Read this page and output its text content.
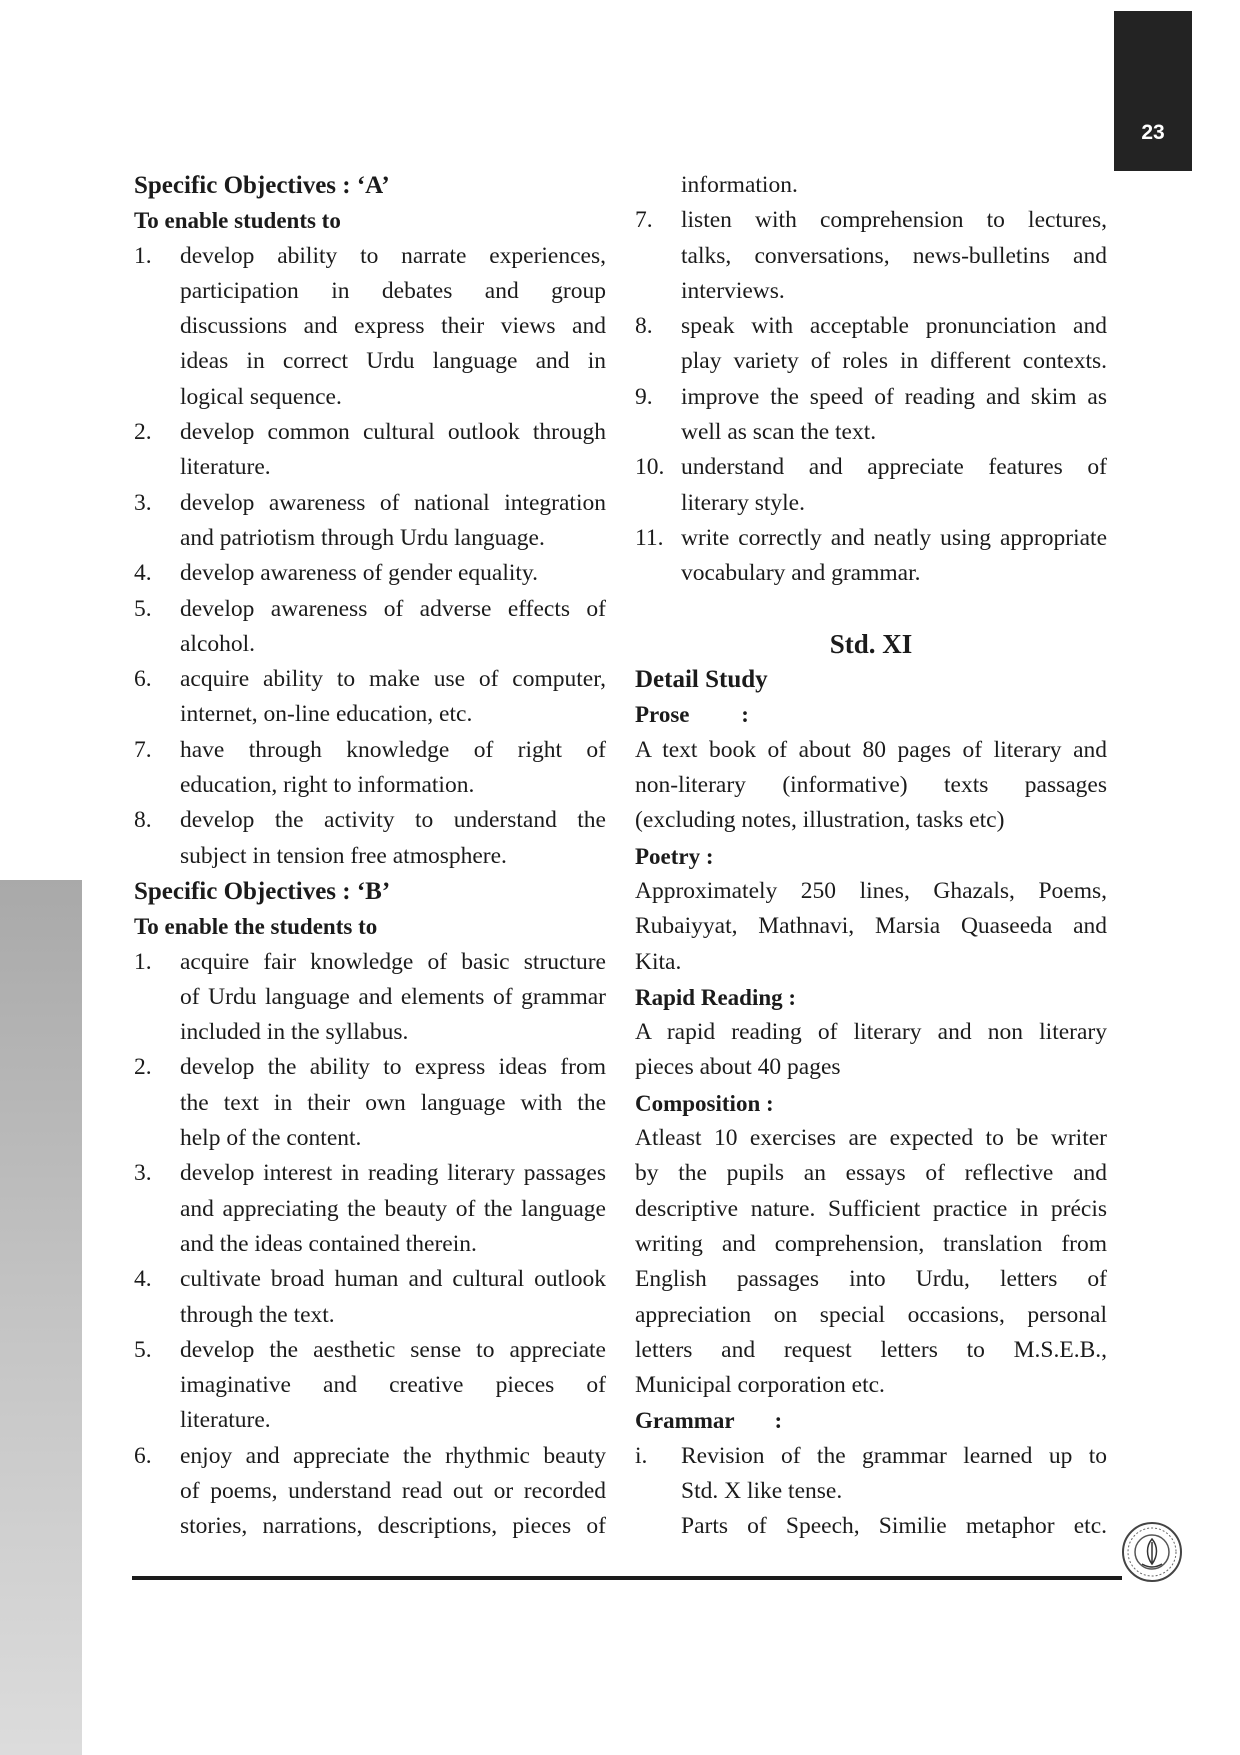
23
Specific Objectives : ‘A’
To enable students to
1.	develop ability to narrate experiences,
participation in debates and group
discussions and express their views and
ideas in correct Urdu language and in
logical sequence.
2.	develop common cultural outlook through
literature.
3.	develop awareness of national integration
and patriotism through Urdu language.
4.	develop awareness of gender equality.
5.	develop awareness of adverse effects of
alcohol.
6.	acquire ability to make use of computer,
internet, on-line education, etc.
7.	have through knowledge of right of
education, right to information.
8.	develop the activity to understand the
subject in tension free atmosphere.
Specific Objectives : ‘B’
To enable the students to
1.	acquire fair knowledge of basic structure
of Urdu language and elements of grammar
included in the syllabus.
2.	develop the ability to express ideas from
the text in their own language with the
help of the content.
3.	develop interest in reading literary passages
and appreciating the beauty of the language
and the ideas contained therein.
4.	cultivate broad human and cultural outlook
through the text.
5.	develop the aesthetic sense to appreciate
imaginative and creative pieces of
literature.
6.	enjoy and appreciate the rhythmic beauty
of poems, understand read out or recorded
stories, narrations, descriptions, pieces of
information.
7.	listen with comprehension to lectures,
talks, conversations, news-bulletins and
interviews.
8.	speak with acceptable pronunciation and
play variety of roles in different contexts.
9.	improve the speed of reading and skim as
well as scan the text.
10. understand and appreciate features of
literary style.
11. write correctly and neatly using appropriate
vocabulary and grammar.
Std. XI
Detail Study
Prose         :
A text book of about 80 pages of literary and
non-literary (informative) texts passages
(excluding notes, illustration, tasks etc)
Poetry :
Approximately 250 lines, Ghazals, Poems,
Rubaiyyat, Mathnavi, Marsia Quaseeda and
Kita.
Rapid Reading :
A rapid reading of literary and non literary
pieces about 40 pages
Composition :
Atleast 10 exercises are expected to be writer
by the pupils an essays of reflective and
descriptive nature. Sufficient practice in précis
writing and comprehension, translation from
English passages into Urdu, letters of
appreciation on special occasions, personal
letters and request letters to M.S.E.B.,
Municipal corporation etc.
Grammar       :
i.	Revision of the grammar learned up to
Std. X like tense.
Parts of Speech, Similie metaphor etc.
